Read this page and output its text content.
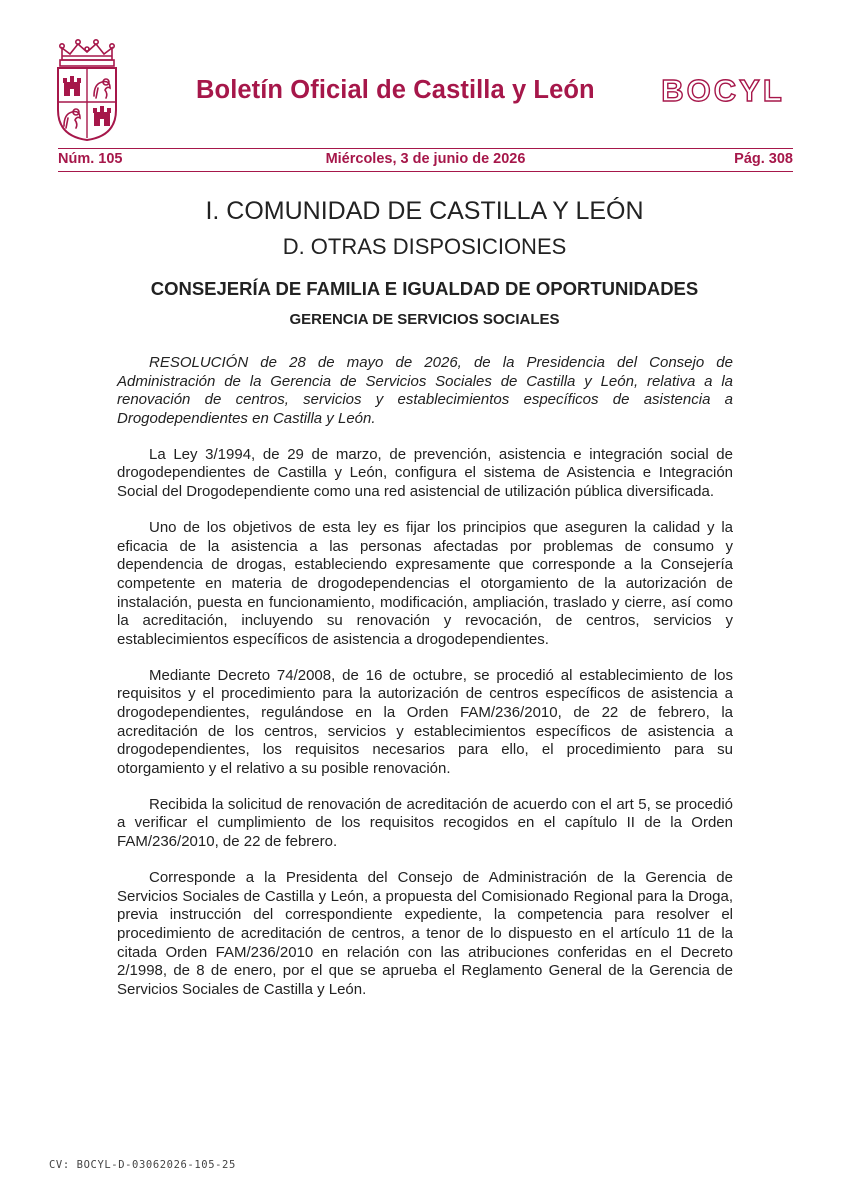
Boletín Oficial de Castilla y León BOCYL
Miércoles, 3 de junio de 2026
Núm. 105	Pág. 308
I. COMUNIDAD DE CASTILLA Y LEÓN
D. OTRAS DISPOSICIONES
CONSEJERÍA DE FAMILIA E IGUALDAD DE OPORTUNIDADES
GERENCIA DE SERVICIOS SOCIALES

RESOLUCIÓN de 28 de mayo de 2026, de la Presidencia del Consejo de Administración de la Gerencia de Servicios Sociales de Castilla y León, relativa a la renovación de centros, servicios y establecimientos específicos de asistencia a Drogodependientes en Castilla y León.

La Ley 3/1994, de 29 de marzo, de prevención, asistencia e integración social de drogodependientes de Castilla y León, configura el sistema de Asistencia e Integración Social del Drogodependiente como una red asistencial de utilización pública diversificada.

Uno de los objetivos de esta ley es fijar los principios que aseguren la calidad y la eficacia de la asistencia a las personas afectadas por problemas de consumo y dependencia de drogas, estableciendo expresamente que corresponde a la Consejería competente en materia de drogodependencias el otorgamiento de la autorización de instalación, puesta en funcionamiento, modificación, ampliación, traslado y cierre, así como la acreditación, incluyendo su renovación y revocación, de centros, servicios y establecimientos específicos de asistencia a drogodependientes.

Mediante Decreto 74/2008, de 16 de octubre, se procedió al establecimiento de los requisitos y el procedimiento para la autorización de centros específicos de asistencia a drogodependientes, regulándose en la Orden FAM/236/2010, de 22 de febrero, la acreditación de los centros, servicios y establecimientos específicos de asistencia a drogodependientes, los requisitos necesarios para ello, el procedimiento para su otorgamiento y el relativo a su posible renovación.

Recibida la solicitud de renovación de acreditación de acuerdo con el art 5, se procedió a verificar el cumplimiento de los requisitos recogidos en el capítulo II de la Orden FAM/236/2010, de 22 de febrero.

Corresponde a la Presidenta del Consejo de Administración de la Gerencia de Servicios Sociales de Castilla y León, a propuesta del Comisionado Regional para la Droga, previa instrucción del correspondiente expediente, la competencia para resolver el procedimiento de acreditación de centros, a tenor de lo dispuesto en el artículo 11 de la citada Orden FAM/236/2010 en relación con las atribuciones conferidas en el Decreto 2/1998, de 8 de enero, por el que se aprueba el Reglamento General de la Gerencia de Servicios Sociales de Castilla y León.

CV: BOCYL-D-03062026-105-25
